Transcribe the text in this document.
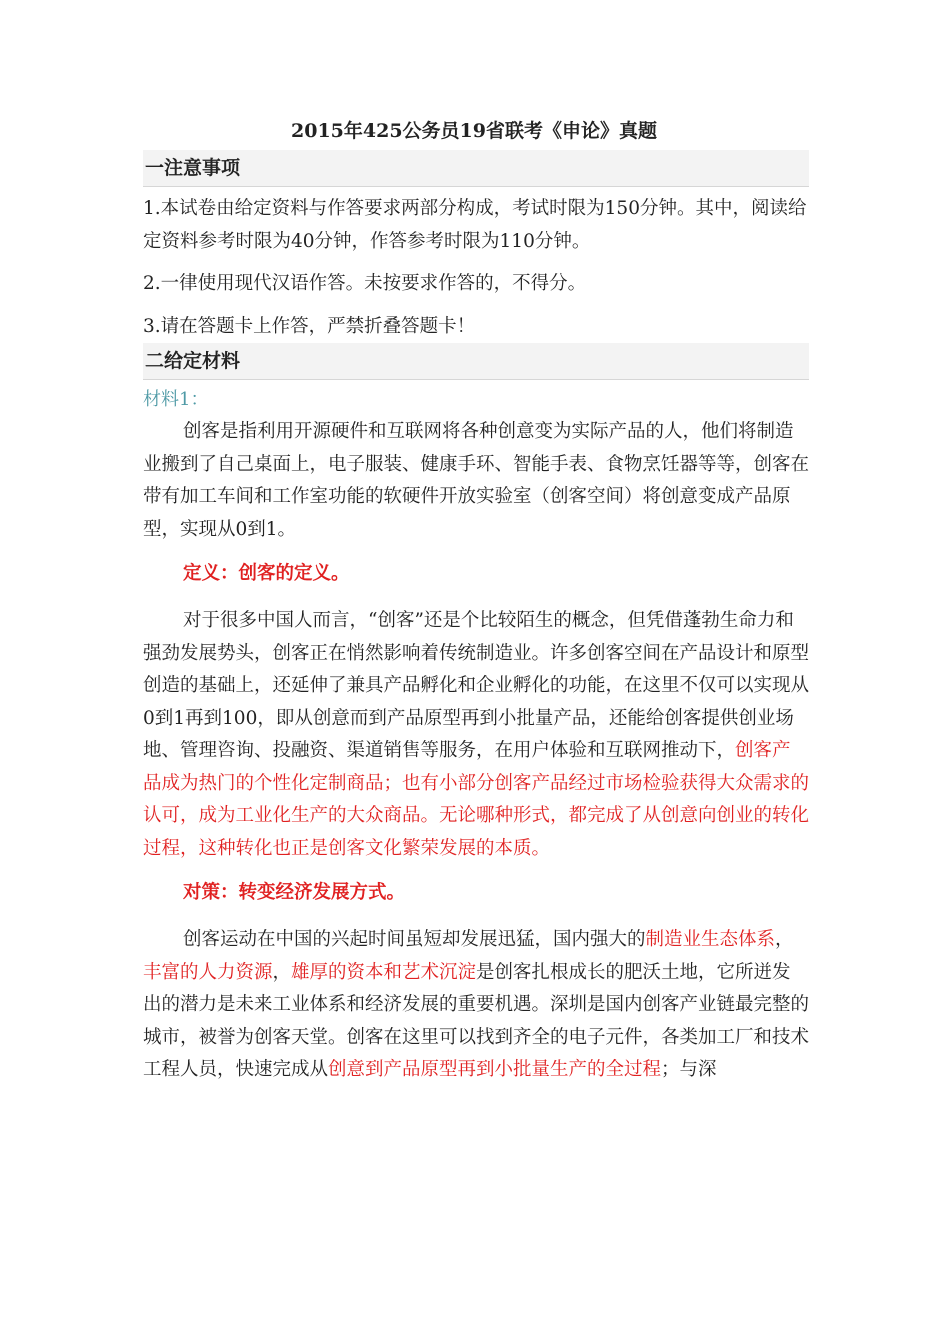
2015年425公务员19省联考《申论》真题
一注意事项

1.本试卷由给定资料与作答要求两部分构成，考试时限为150分钟。其中，阅读给定资料参考时限为40分钟，作答参考时限为110分钟。

2.一律使用现代汉语作答。未按要求作答的，不得分。

3.请在答题卡上作答，严禁折叠答题卡！

二给定材料
材料1：

创客是指利用开源硬件和互联网将各种创意变为实际产品的人，他们将制造业搬到了自己桌面上，电子服装、健康手环、智能手表、食物烹饪器等等，创客在带有加工车间和工作室功能的软硬件开放实验室（创客空间）将创意变成产品原型，实现从0到1。

定义：创客的定义。

对于很多中国人而言，“创客”还是个比较陌生的概念，但凭借蓬勃生命力和强劲发展势头，创客正在悄然影响着传统制造业。许多创客空间在产品设计和原型创造的基础上，还延伸了兼具产品孵化和企业孵化的功能，在这里不仅可以实现从0到1再到100，即从创意而到产品原型再到小批量产品，还能给创客提供创业场地、管理咨询、投融资、渠道销售等服务，在用户体验和互联网推动下，创客产品成为热门的个性化定制商品；也有小部分创客产品经过市场检验获得大众需求的认可，成为工业化生产的大众商品。无论哪种形式，都完成了从创意向创业的转化过程，这种转化也正是创客文化繁荣发展的本质。

对策：转变经济发展方式。

创客运动在中国的兴起时间虽短却发展迅猛，国内强大的制造业生态体系，丰富的人力资源，雄厚的资本和艺术沉淀是创客扎根成长的肥沃土地，它所迸发出的潜力是未来工业体系和经济发展的重要机遇。深圳是国内创客产业链最完整的城市，被誉为创客天堂。创客在这里可以找到齐全的电子元件，各类加工厂和技术工程人员，快速完成从创意到产品原型再到小批量生产的全过程；与深
